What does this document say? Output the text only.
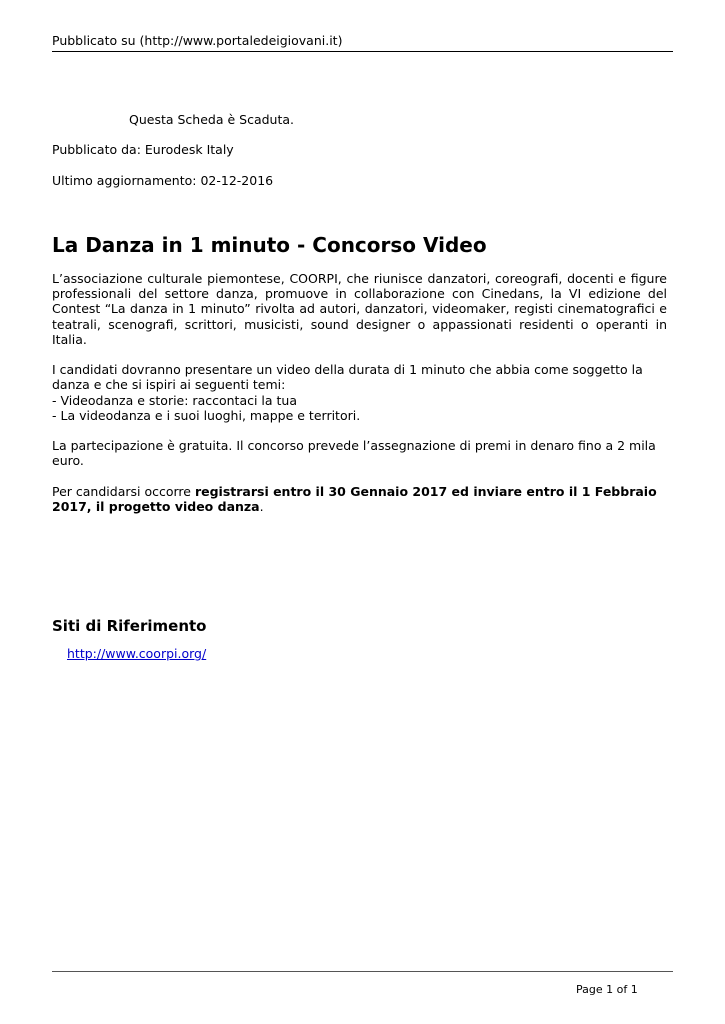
Pubblicato su (http://www.portaledeigiovani.it)
Questa Scheda è Scaduta.
Pubblicato da: Eurodesk Italy
Ultimo aggiornamento: 02-12-2016
La Danza in 1 minuto - Concorso Video

L’associazione culturale piemontese, COORPI, che riunisce danzatori, coreografi, docenti e figure professionali del settore danza, promuove in collaborazione con Cinedans, la VI edizione del Contest “La danza in 1 minuto” rivolta ad autori, danzatori, videomaker, registi cinematografici e teatrali, scenografi, scrittori, musicisti, sound designer o appassionati residenti o operanti in Italia.

I candidati dovranno presentare un video della durata di 1 minuto che abbia come soggetto la danza e che si ispiri ai seguenti temi:
- Videodanza e storie: raccontaci la tua
- La videodanza e i suoi luoghi, mappe e territori.

La partecipazione è gratuita. Il concorso prevede l’assegnazione di premi in denaro fino a 2 mila euro.

Per candidarsi occorre registrarsi entro il 30 Gennaio 2017 ed inviare entro il 1 Febbraio 2017, il progetto video danza.

Siti di Riferimento
http://www.coorpi.org/
Page 1 of 1
